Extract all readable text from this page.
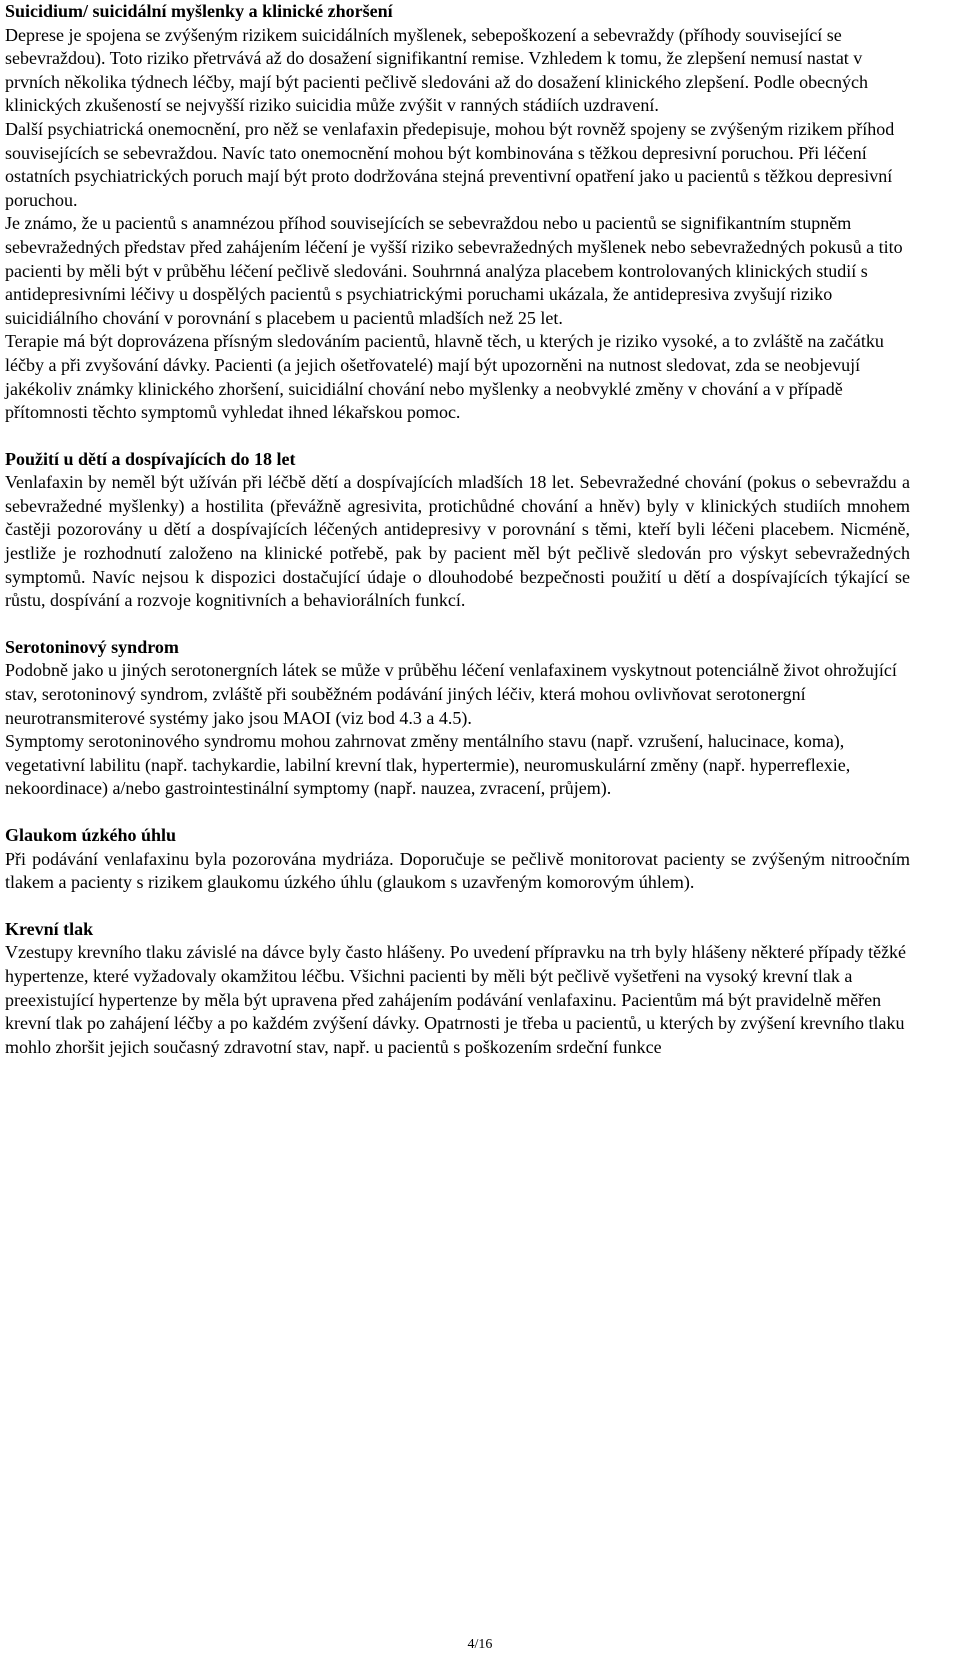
Suicidium/ suicidální myšlenky a klinické zhoršení

Deprese je spojena se zvýšeným rizikem suicidálních myšlenek, sebepoškození a sebevraždy (příhody související se sebevraždou). Toto riziko přetrvává až do dosažení signifikantní remise. Vzhledem k tomu, že zlepšení nemusí nastat v prvních několika týdnech léčby, mají být pacienti pečlivě sledováni až do dosažení klinického zlepšení. Podle obecných klinických zkušeností se nejvyšší riziko suicidia může zvýšit v ranných stádiích uzdravení.

Další psychiatrická onemocnění, pro něž se venlafaxin předepisuje, mohou být rovněž spojeny se zvýšeným rizikem příhod souvisejících se sebevraždou. Navíc tato onemocnění mohou být kombinována s těžkou depresivní poruchou. Při léčení ostatních psychiatrických poruch mají být proto dodržována stejná preventivní opatření jako u pacientů s těžkou depresivní poruchou.

Je známo, že u pacientů s anamnézou příhod souvisejících se sebevraždou nebo u pacientů se signifikantním stupněm sebevražedných představ před zahájením léčení je vyšší riziko sebevražedných myšlenek nebo sebevražedných pokusů a tito pacienti by měli být v průběhu léčení pečlivě sledováni. Souhrnná analýza placebem kontrolovaných klinických studií s antidepresivními léčivy u dospělých pacientů s psychiatrickými poruchami ukázala, že antidepresiva zvyšují riziko suicidiálního chování v porovnání s placebem u pacientů mladších než 25 let.

Terapie má být doprovázena přísným sledováním pacientů, hlavně těch, u kterých je riziko vysoké, a to zvláště na začátku léčby a při zvyšování dávky. Pacienti (a jejich ošetřovatelé) mají být upozorněni na nutnost sledovat, zda se neobjevují jakékoliv známky klinického zhoršení, suicidiální chování nebo myšlenky a neobvyklé změny v chování a v případě přítomnosti těchto symptomů vyhledat ihned lékařskou pomoc.

Použití u dětí a dospívajících do 18 let

Venlafaxin by neměl být užíván při léčbě dětí a dospívajících mladších 18 let. Sebevražedné chování (pokus o sebevraždu a sebevražedné myšlenky) a hostilita (převážně agresivita, protichůdné chování a hněv) byly v klinických studiích mnohem častěji pozorovány u dětí a dospívajících léčených antidepresivy v porovnání s těmi, kteří byli léčeni placebem. Nicméně, jestliže je rozhodnutí založeno na klinické potřebě, pak by pacient měl být pečlivě sledován pro výskyt sebevražedných symptomů. Navíc nejsou k dispozici dostačující údaje o dlouhodobé bezpečnosti použití u dětí a dospívajících týkající se růstu, dospívání a rozvoje kognitivních a behaviorálních funkcí.

Serotoninový syndrom

Podobně jako u jiných serotonergních látek se může v průběhu léčení venlafaxinem vyskytnout potenciálně život ohrožující stav, serotoninový syndrom, zvláště při souběžném podávání jiných léčiv, která mohou ovlivňovat serotonergní neurotransmiterové systémy jako jsou MAOI (viz bod 4.3 a 4.5).

Symptomy serotoninového syndromu mohou zahrnovat změny mentálního stavu (např. vzrušení, halucinace, koma), vegetativní labilitu (např. tachykardie, labilní krevní tlak, hypertermie), neuromuskulární změny (např. hyperreflexie, nekoordinace) a/nebo gastrointestinální symptomy (např. nauzea, zvracení, průjem).

Glaukom úzkého úhlu

Při podávání venlafaxinu byla pozorována mydriáza. Doporučuje se pečlivě monitorovat pacienty se zvýšeným nitroočním tlakem a pacienty s rizikem glaukomu úzkého úhlu (glaukom s uzavřeným komorovým úhlem).

Krevní tlak

Vzestupy krevního tlaku závislé na dávce byly často hlášeny. Po uvedení přípravku na trh byly hlášeny některé případy těžké hypertenze, které vyžadovaly okamžitou léčbu. Všichni pacienti by měli být pečlivě vyšetřeni na vysoký krevní tlak a preexistující hypertenze by měla být upravena před zahájením podávání venlafaxinu. Pacientům má být pravidelně měřen krevní tlak po zahájení léčby a po každém zvýšení dávky. Opatrnosti je třeba u pacientů, u kterých by zvýšení krevního tlaku mohlo zhoršit jejich současný zdravotní stav, např. u pacientů s poškozením srdeční funkce

4/16
